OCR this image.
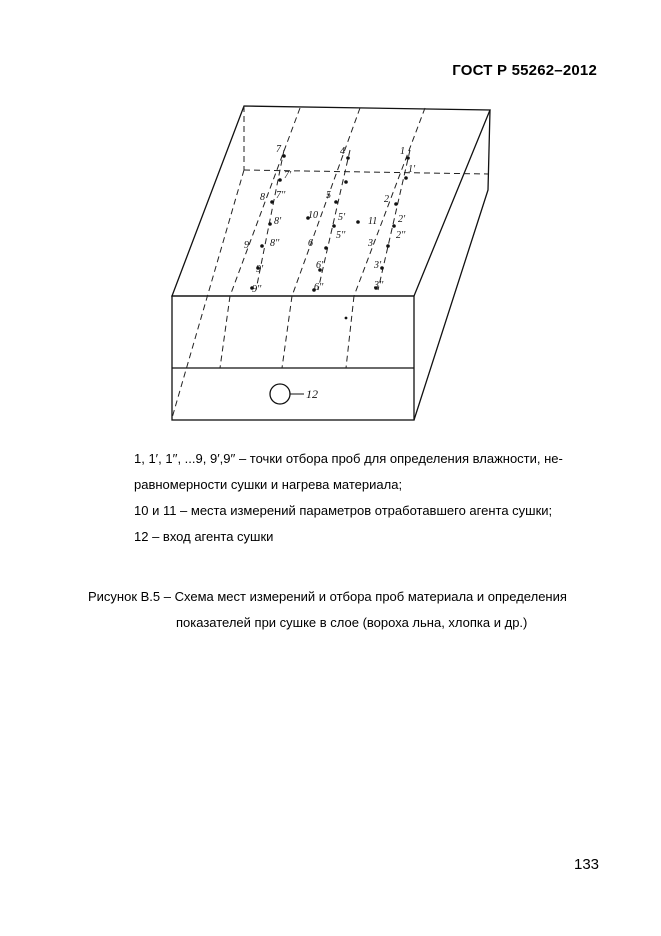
ГОСТ Р 55262–2012
7	4	1
7'
1'
8 7''	5	2
10 5' 11 2'
8'
5''	2''
8''
9	6	3
9'	6'	3'
9''	6''	3''
12

1, 1′, 1′′, ...9, 9′,9′′ – точки отбора проб для определения влажности, не-

равномерности сушки и нагрева материала;

10 и 11 – места измерений параметров отработавшего агента сушки;

12 – вход агента сушки

Рисунок В.5 – Схема мест измерений и отбора проб материала и определения

показателей при сушке в слое (вороха льна, хлопка и др.)

133
